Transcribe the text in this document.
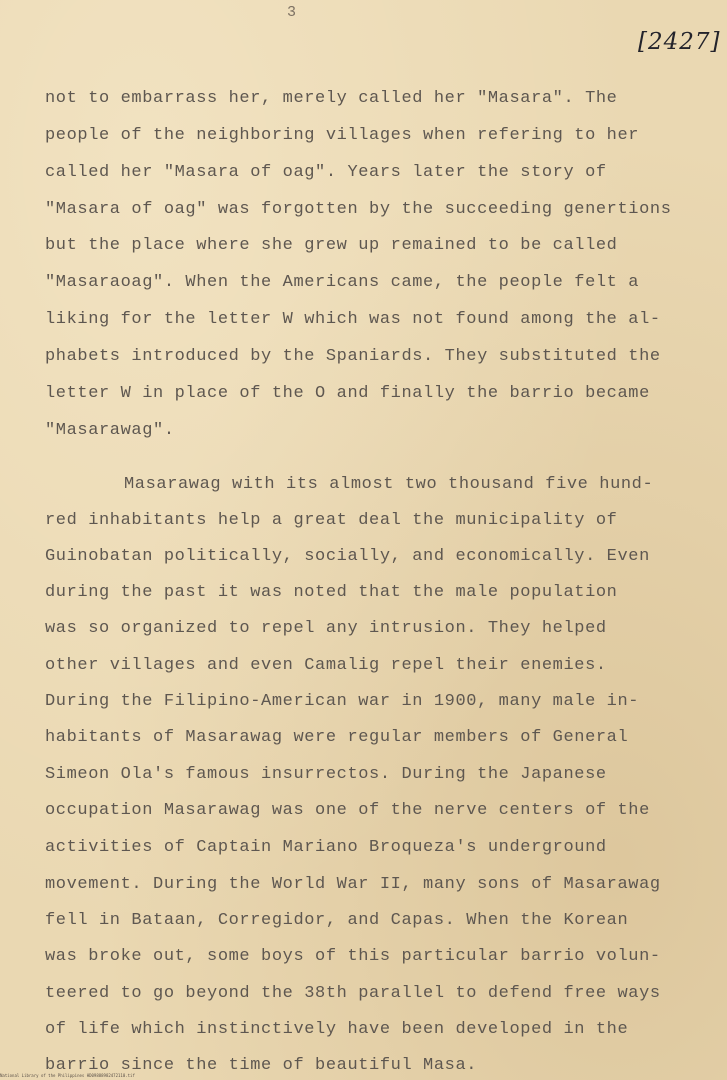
3
[2427]
not to embarrass her, merely called her "Masara". The
people of the neighboring villages when refering to her
called her "Masara of oag". Years later the story of
"Masara of oag" was forgotten by the succeeding genertions
but the place where she grew up remained to be called
"Masaraoag". When the Americans came, the people felt a
liking for the letter W which was not found among the al-
phabets introduced by the Spaniards. They substituted the
letter W in place of the O and finally the barrio became
"Masarawag".
Masarawag with its almost two thousand five hund-
red inhabitants help a great deal the municipality of
Guinobatan politically, socially, and economically. Even
during the past it was noted that the male population
was so organized to repel any intrusion. They helped
other villages and even Camalig repel their enemies.
During the Filipino-American war in 1900, many male in-
habitants of Masarawag were regular members of General
Simeon Ola's famous insurrectos. During the Japanese
occupation Masarawag was one of the nerve centers of the
activities of Captain Mariano Broqueza's underground
movement. During the World War II, many sons of Masarawag
fell in Bataan, Corregidor, and Capas. When the Korean
was broke out, some boys of this particular barrio volun-
teered to go beyond the 38th parallel to defend free ways
of life which instinctively have been developed in the
barrio since the time of beautiful Masa.
National Library of the Philippines HD09888982472110.tif
